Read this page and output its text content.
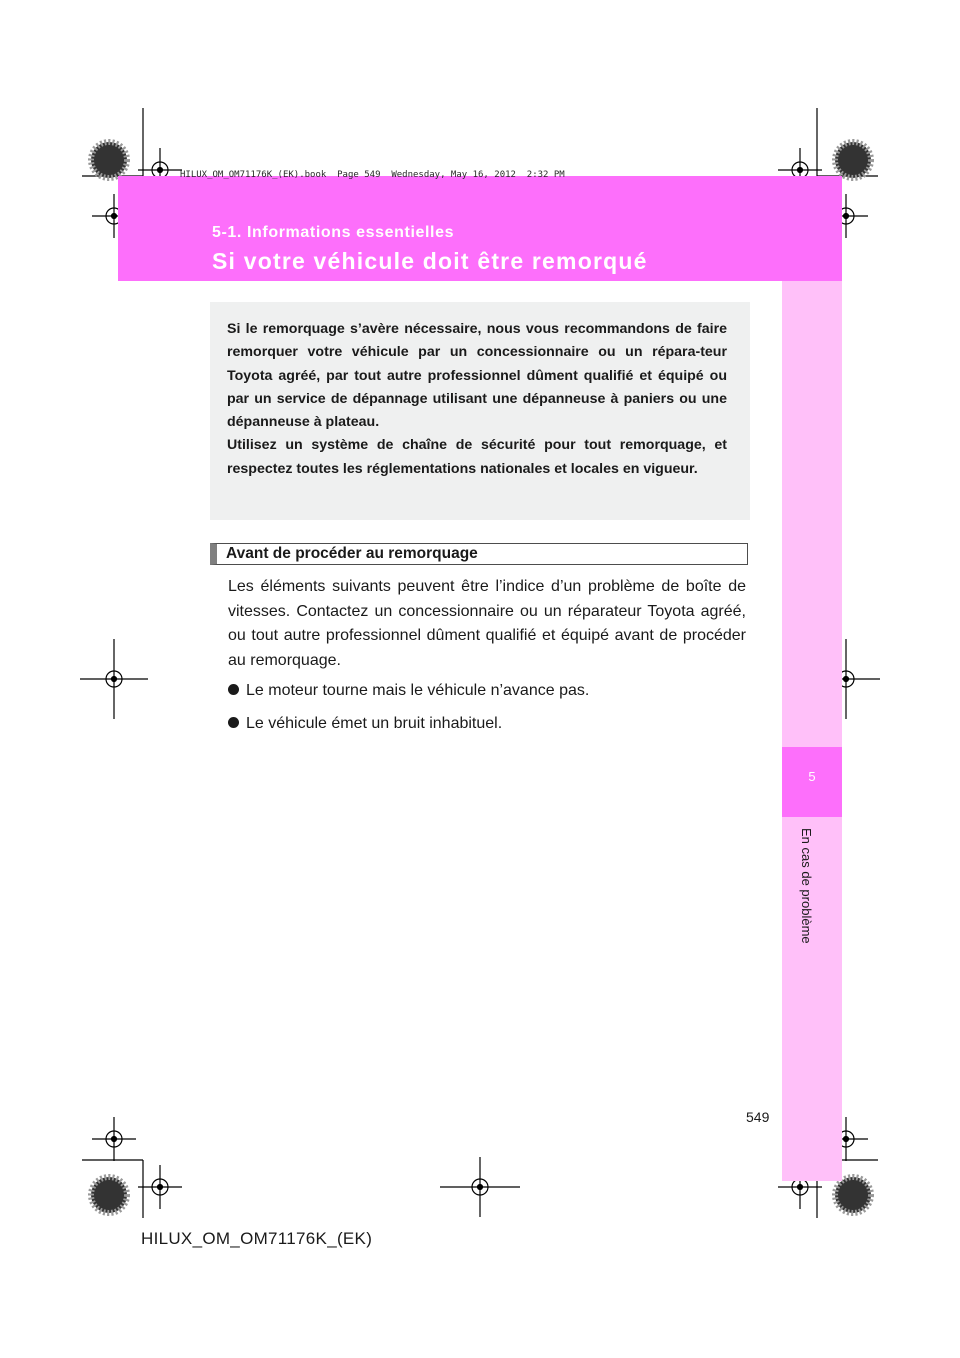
HILUX_OM_OM71176K_(EK).book  Page 549  Wednesday, May 16, 2012  2:32 PM
5-1. Informations essentielles
Si votre véhicule doit être remorqué
5
En cas de problème

Si le remorquage s’avère nécessaire, nous vous recommandons de faire remorquer votre véhicule par un concessionnaire ou un répara-teur Toyota agréé, par tout autre professionnel dûment qualifié et équipé ou par un service de dépannage utilisant une dépanneuse à paniers ou une dépanneuse à plateau.

Utilisez un système de chaîne de sécurité pour tout remorquage, et respectez toutes les réglementations nationales et locales en vigueur.

Avant de procéder au remorquage

Les éléments suivants peuvent être l’indice d’un problème de boîte de vitesses. Contactez un concessionnaire ou un réparateur Toyota agréé, ou tout autre professionnel dûment qualifié et équipé avant de procéder au remorquage.

Le moteur tourne mais le véhicule n’avance pas.
Le véhicule émet un bruit inhabituel.
549
HILUX_OM_OM71176K_(EK)
